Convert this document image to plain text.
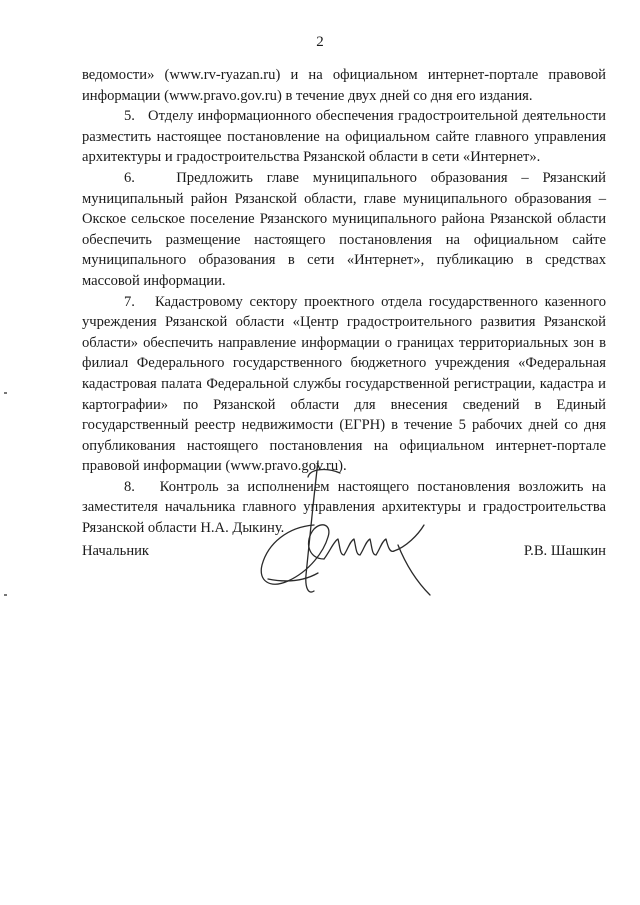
2

ведомости» (www.rv-ryazan.ru) и на официальном интернет-портале правовой информации (www.pravo.gov.ru) в течение двух дней со дня его издания.

5.   Отделу информационного обеспечения градостроительной деятельности разместить настоящее постановление на официальном сайте главного управления архитектуры и градостроительства Рязанской области в сети «Интернет».

6.   Предложить главе муниципального образования – Рязанский муниципальный район Рязанской области, главе муниципального образования – Окское сельское поселение Рязанского муниципального района Рязанской области обеспечить размещение настоящего постановления на официальном сайте муниципального образования в сети «Интернет», публикацию в средствах массовой информации.

7.   Кадастровому сектору проектного отдела государственного казенного учреждения Рязанской области «Центр градостроительного развития Рязанской области» обеспечить направление информации о границах территориальных зон в филиал Федерального государственного бюджетного учреждения «Федеральная кадастровая палата Федеральной службы государственной регистрации, кадастра и картографии» по Рязанской области для внесения сведений в Единый государственный реестр недвижимости (ЕГРН) в течение 5 рабочих дней со дня опубликования настоящего постановления на официальном интернет-портале правовой информации (www.pravo.gov.ru).

8.   Контроль за исполнением настоящего постановления возложить на заместителя начальника главного управления архитектуры и градостроительства Рязанской области Н.А. Дыкину.

Начальник	Р.В. Шашкин
